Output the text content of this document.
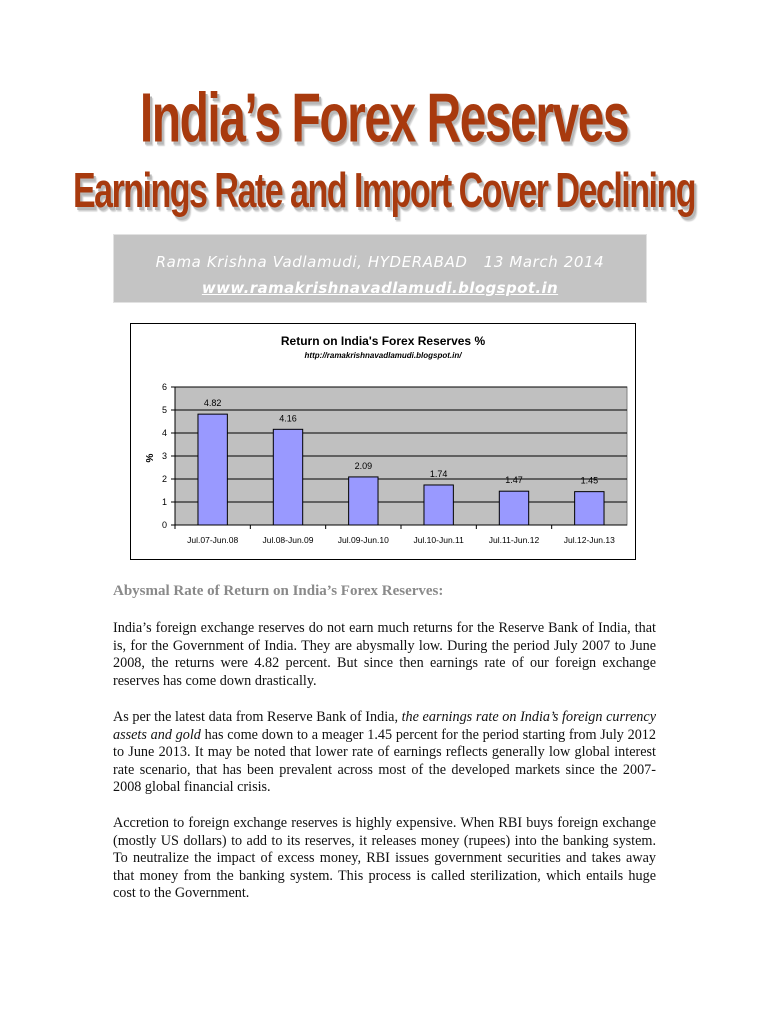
India’s Forex Reserves
Earnings Rate and Import Cover Declining
Rama Krishna Vadlamudi, HYDERABAD   13 March 2014
www.ramakrishnavadlamudi.blogspot.in
Return on India's Forex Reserves %
http://ramakrishnavadlamudi.blogspot.in/
0
1
2
3
4
5
6
%
4.82
Jul.07-Jun.08
4.16
Jul.08-Jun.09
2.09
Jul.09-Jun.10
1.74
Jul.10-Jun.11
1.47
Jul.11-Jun.12
1.45
Jul.12-Jun.13
Abysmal Rate of Return on India’s Forex Reserves:

India’s foreign exchange reserves do not earn much returns for the Reserve Bank of India, that is, for the Government of India. They are abysmally low. During the period July 2007 to June 2008, the returns were 4.82 percent. But since then earnings rate of our foreign exchange reserves has come down drastically.

As per the latest data from Reserve Bank of India, the earnings rate on India’s foreign currency assets and gold has come down to a meager 1.45 percent for the period starting from July 2012 to June 2013. It may be noted that lower rate of earnings reflects generally low global interest rate scenario, that has been prevalent across most of the developed markets since the 2007-2008 global financial crisis.

Accretion to foreign exchange reserves is highly expensive. When RBI buys foreign exchange (mostly US dollars) to add to its reserves, it releases money (rupees) into the banking system. To neutralize the impact of excess money, RBI issues government securities and takes away that money from the banking system. This process is called sterilization, which entails huge cost to the Government.
